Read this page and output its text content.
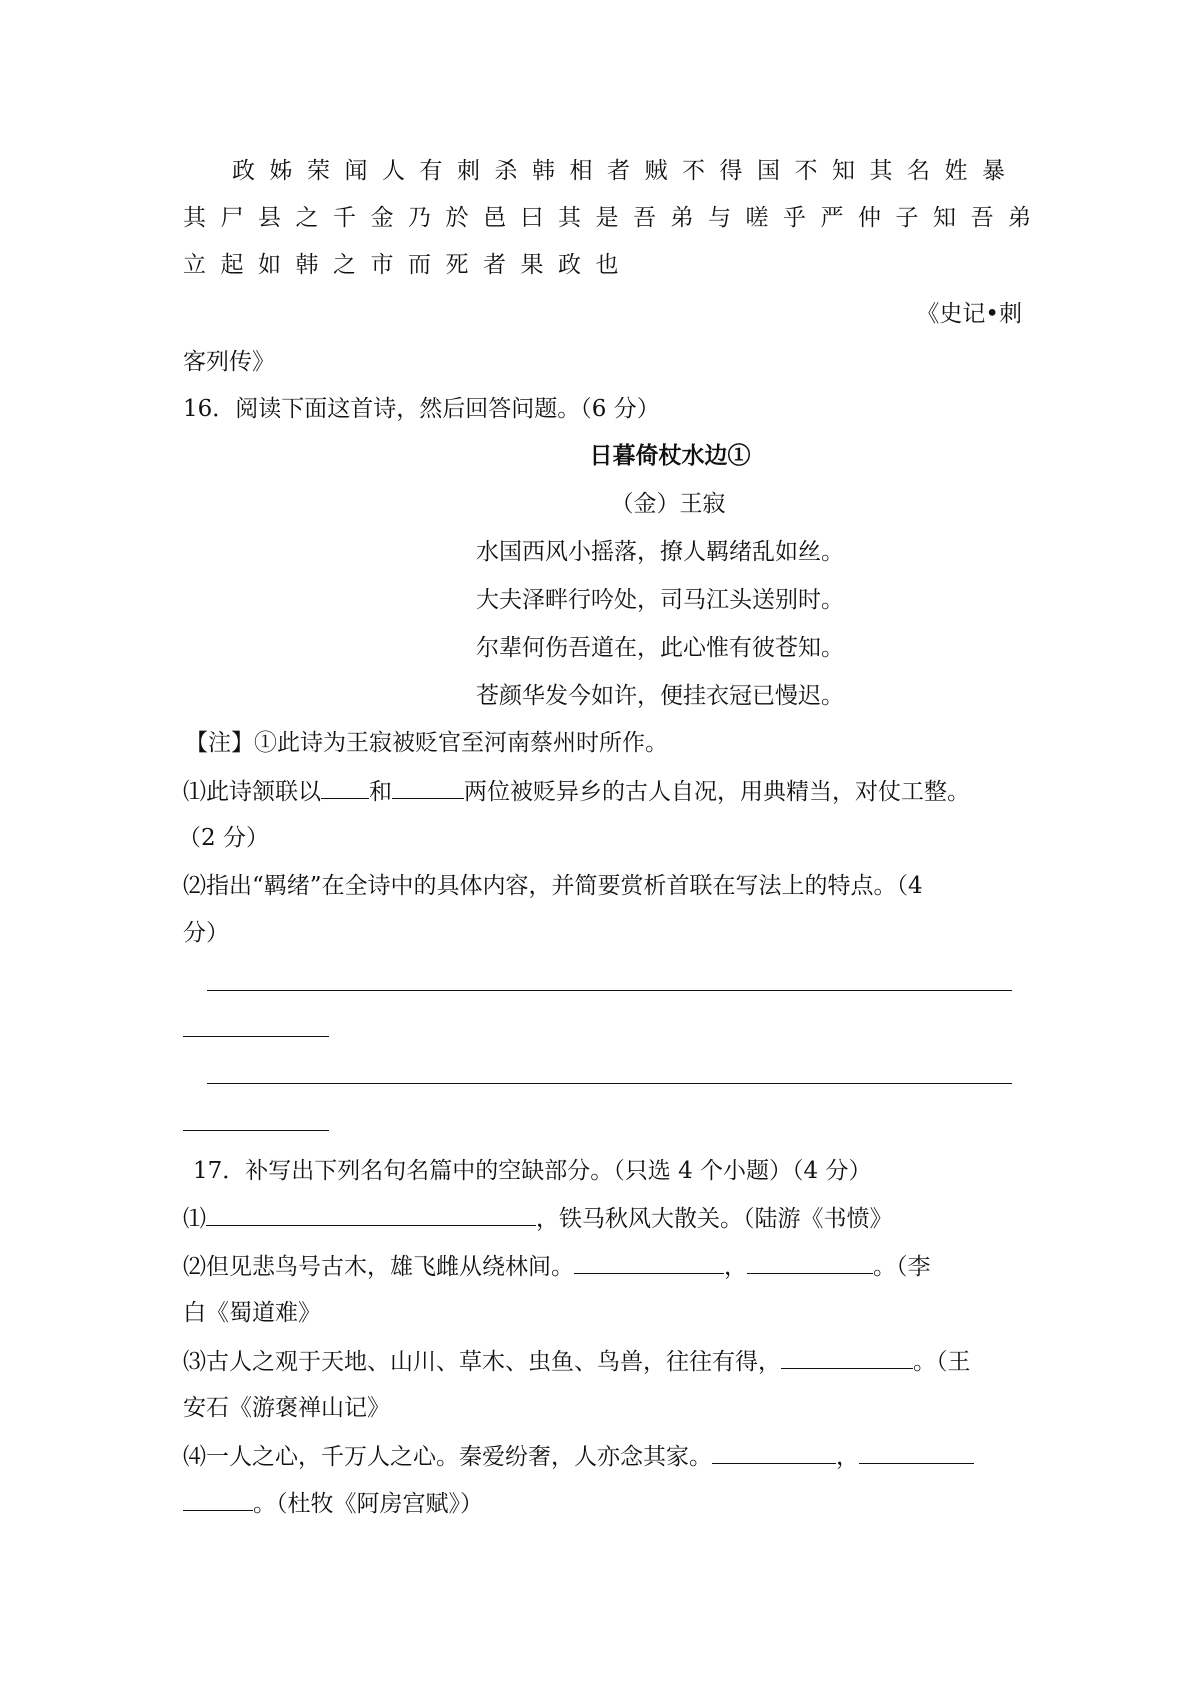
政姊荣闻人有刺杀韩相者贼不得国不知其名姓暴
其尸县之千金乃於邑曰其是吾弟与嗟乎严仲子知吾弟
立起如韩之市而死者果政也
《史记•刺
客列传》
16．阅读下面这首诗，然后回答问题。（6 分）
日暮倚杖水边①
（金）王寂
水国西风小摇落，撩人羁绪乱如丝。
大夫泽畔行吟处，司马江头送别时。
尔辈何伤吾道在，此心惟有彼苍知。
苍颜华发今如许，便挂衣冠已慢迟。
【注】①此诗为王寂被贬官至河南蔡州时所作。
⑴此诗颔联以 和	两位被贬异乡的古人自况，用典精当，对仗工整。
（2 分）
⑵指出“羁绪”在全诗中的具体内容，并简要赏析首联在写法上的特点。（4
分）
17．补写出下列名句名篇中的空缺部分。（只选 4 个小题）（4 分）
⑴	，铁马秋风大散关。（陆游《书愤》
⑵但见悲鸟号古木，雄飞雌从绕林间。	，	。（李
白《蜀道难》
⑶古人之观于天地、山川、草木、虫鱼、鸟兽，往往有得，	。（王
安石《游褒禅山记》
⑷一人之心，千万人之心。秦爱纷奢，人亦念其家。	，
。（杜牧《阿房宫赋》）
